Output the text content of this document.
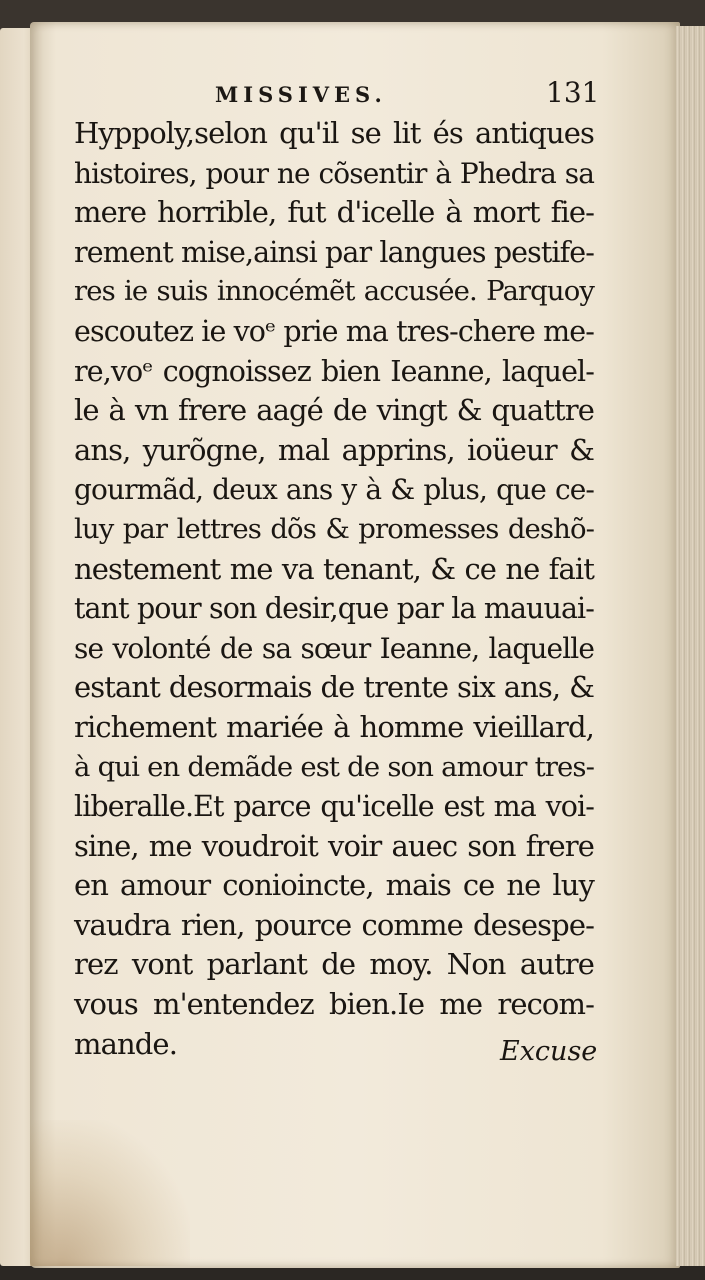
MISSIVES.	131
Hyppoly,selon qu'il se lit és antiques
histoires, pour ne cõsentir à Phedra sa
mere horrible, fut d'icelle à mort fie-
rement mise,ainsi par langues pestife-
res ie suis innocémẽt accusée. Parquoy
escoutez ie voᵉ prie ma tres-chere me-
re,voᵉ cognoissez bien Ieanne, laquel-
le à vn frere aagé de vingt & quattre
ans, yurõgne, mal apprins, ioüeur &
gourmãd, deux ans y à & plus, que ce-
luy par lettres dõs & promesses deshõ-
nestement me va tenant, & ce ne fait
tant pour son desir,que par la mauuai-
se volonté de sa sœur Ieanne, laquelle
estant desormais de trente six ans, &
richement mariée à homme vieillard,
à qui en demãde est de son amour tres-
liberalle.Et parce qu'icelle est ma voi-
sine, me voudroit voir auec son frere
en amour conioincte, mais ce ne luy
vaudra rien, pource comme desespe-
rez vont parlant de moy. Non autre
vous m'entendez bien.Ie me recom-
mande.	Excuse
